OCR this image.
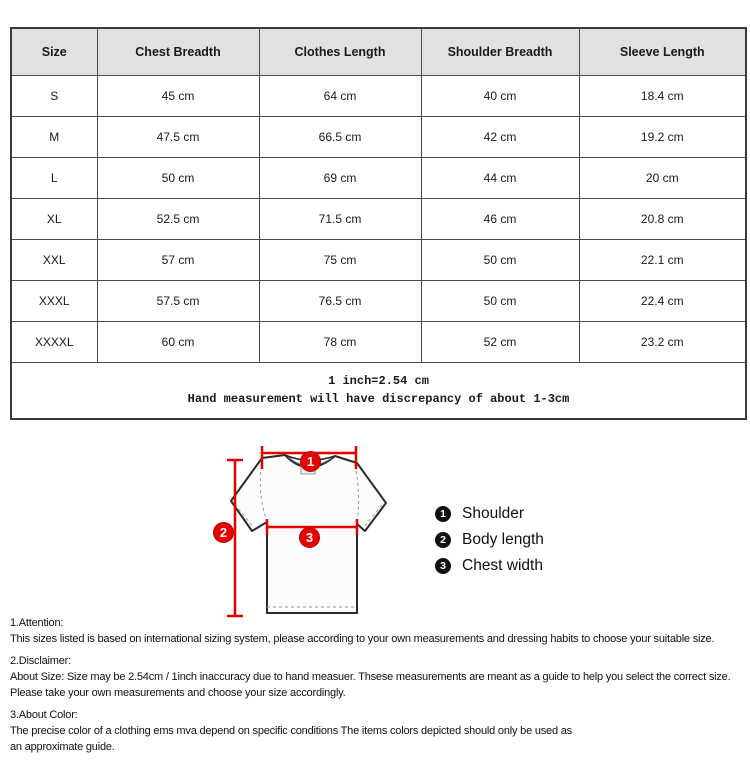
Size	Chest Breadth	Clothes Length	Shoulder Breadth	Sleeve Length
S	45 cm	64 cm	40 cm	18.4 cm
M	47.5 cm	66.5 cm	42 cm	19.2 cm
L	50 cm	69 cm	44 cm	20 cm
XL	52.5 cm	71.5 cm	46 cm	20.8 cm
XXL	57 cm	75 cm	50 cm	22.1 cm
XXXL	57.5 cm	76.5 cm	50 cm	22.4 cm
XXXXL	60 cm	78 cm	52 cm	23.2 cm

1 inch=2.54 cm
Hand measurement will have discrepancy of about 1-3cm				
1
2	3
1	Shoulder
2	Body length
3	Chest width
1.Attention:
This sizes listed is based on international sizing system, please according to your own measurements and dressing habits to choose your suitable size.
2.Disclaimer:
About Size: Size may be 2.54cm / 1inch inaccuracy due to hand measuer. Thsese measurements are meant as a guide to help you select the correct size.
Please take your own measurements and choose your size accordingly.
3.About Color:
The precise color of a clothing ems mva depend on specific conditions The items colors depicted should only be used as
an approximate guide.
